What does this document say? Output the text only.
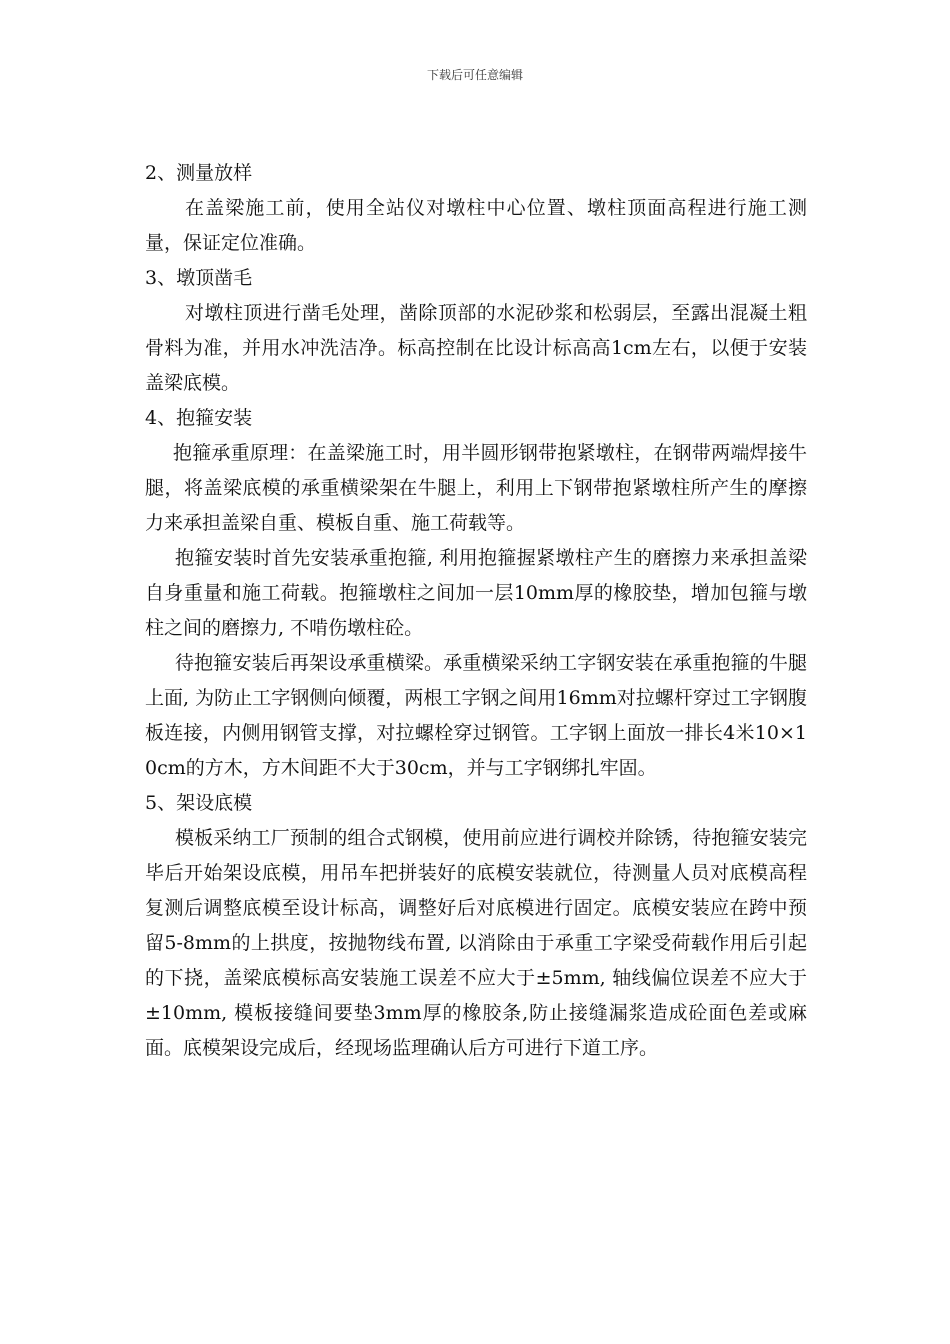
下载后可任意编辑

2、测量放样

在盖梁施工前，使用全站仪对墩柱中心位置、墩柱顶面高程进行施工测量，保证定位准确。

3、墩顶凿毛

对墩柱顶进行凿毛处理，凿除顶部的水泥砂浆和松弱层，至露出混凝土粗骨料为准，并用水冲洗洁净。标高控制在比设计标高高1cm左右，以便于安装盖梁底模。

4、抱箍安装

抱箍承重原理：在盖梁施工时，用半圆形钢带抱紧墩柱，在钢带两端焊接牛腿，将盖梁底模的承重横梁架在牛腿上，利用上下钢带抱紧墩柱所产生的摩擦力来承担盖梁自重、模板自重、施工荷载等。

抱箍安装时首先安装承重抱箍, 利用抱箍握紧墩柱产生的磨擦力来承担盖梁自身重量和施工荷载。抱箍墩柱之间加一层10mm厚的橡胶垫，增加包箍与墩柱之间的磨擦力, 不啃伤墩柱砼。

待抱箍安装后再架设承重横梁。承重横梁采纳工字钢安装在承重抱箍的牛腿上面, 为防止工字钢侧向倾覆，两根工字钢之间用16mm对拉螺杆穿过工字钢腹板连接，内侧用钢管支撑，对拉螺栓穿过钢管。工字钢上面放一排长4米10×10cm的方木，方木间距不大于30cm，并与工字钢绑扎牢固。

5、架设底模

模板采纳工厂预制的组合式钢模，使用前应进行调校并除锈，待抱箍安装完毕后开始架设底模，用吊车把拼装好的底模安装就位，待测量人员对底模高程复测后调整底模至设计标高，调整好后对底模进行固定。底模安装应在跨中预留5-8mm的上拱度，按抛物线布置, 以消除由于承重工字梁受荷载作用后引起的下挠，盖梁底模标高安装施工误差不应大于±5mm, 轴线偏位误差不应大于±10mm, 模板接缝间要垫3mm厚的橡胶条,防止接缝漏浆造成砼面色差或麻面。底模架设完成后，经现场监理确认后方可进行下道工序。
